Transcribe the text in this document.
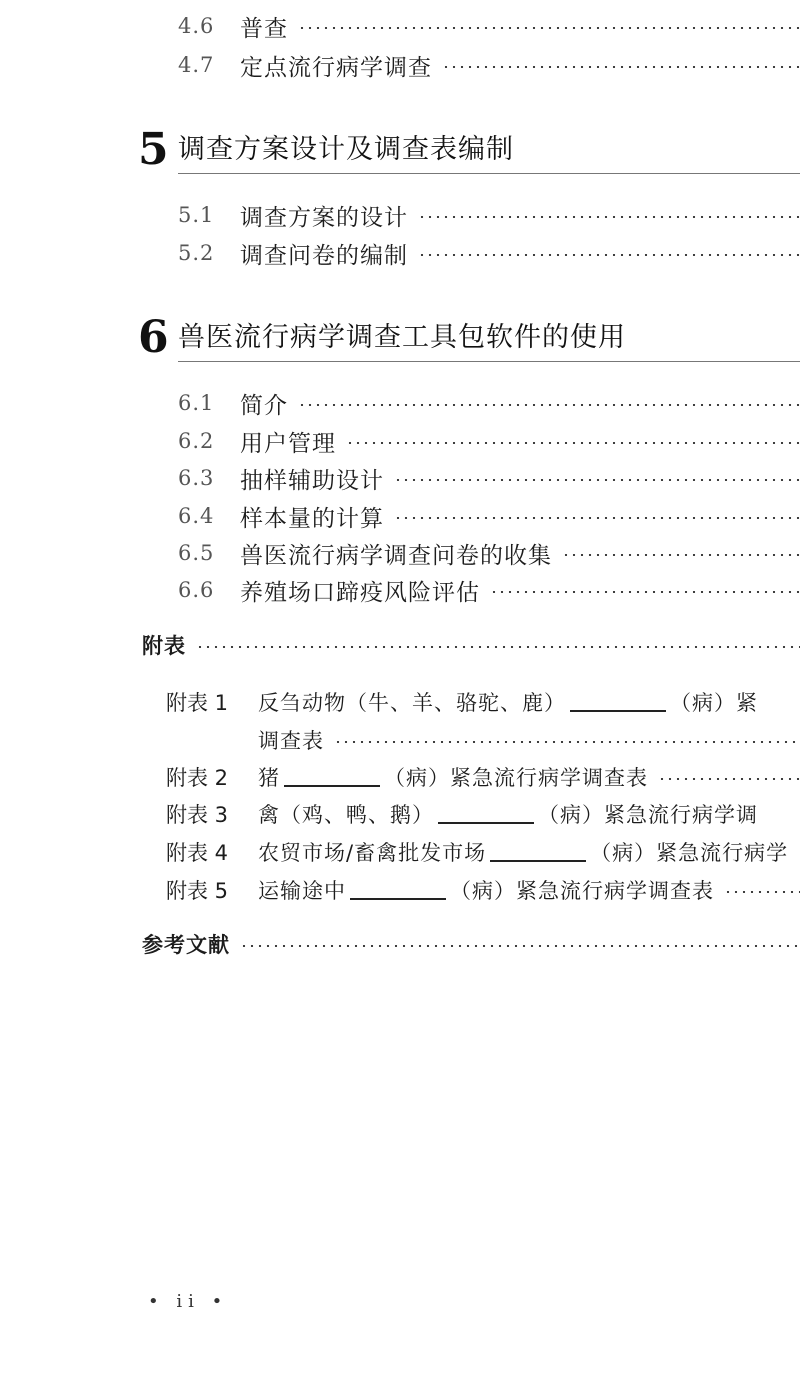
4.6	普查
4.7	定点流行病学调查
5 调查方案设计及调查表编制
5.1	调查方案的设计
5.2	调查问卷的编制
6 兽医流行病学调查工具包软件的使用
6.1	简介
6.2	用户管理
6.3	抽样辅助设计
6.4	样本量的计算
6.5	兽医流行病学调查问卷的收集
6.6	养殖场口蹄疫风险评估
附表
附表 1	反刍动物（牛、羊、骆驼、鹿）	（病）紧
调查表
附表 2	猪	（病）紧急流行病学调查表
附表 3	禽（鸡、鸭、鹅）	（病）紧急流行病学调
附表 4	农贸市场/畜禽批发市场	（病）紧急流行病学
附表 5	运输途中	（病）紧急流行病学调查表
参考文献
• ii •
